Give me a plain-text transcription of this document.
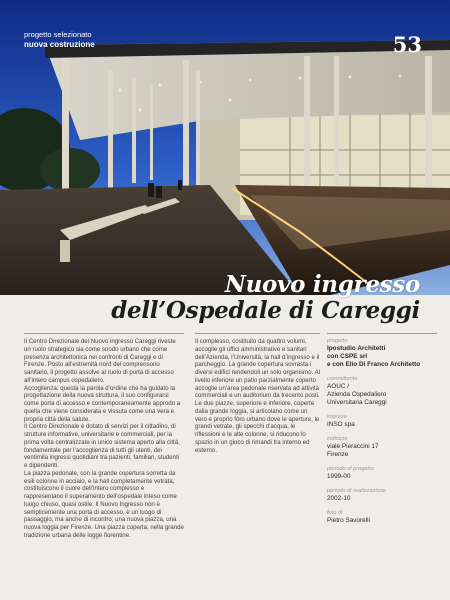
progetto selezionato
nuova costruzione	53
Nuovo ingresso
dell’Ospedale di Careggi

Il Centro Direzionale del Nuovo ingresso Careggi riveste un ruolo strategico sia come snodo urbano che come presenza architettonica nei confronti di Careggi e di Firenze. Posto all’estremità nord del comprensorio sanitario, il progetto assolve al ruolo di porta di accesso all’intero campus ospedaliero.

Accoglienza: questa la parola d’ordine che ha guidato la progettazione della nuova struttura, il suo configurarsi come porta di accesso e contemporaneamente approdo a quella che viene considerata e vissuta come una vera e propria città della salute.

Il Centro Direzionale è dotato di servizi per il cittadino, di strutture informative, universitarie e commerciali, per la prima volta centralizzate in unico sistema aperto alla città, fondamentale per l’accoglienza di tutti gli utenti, dei ventimila ingressi quotidiani tra pazienti, familiari, studenti e dipendenti.

La piazza pedonale, con la grande copertura sorretta da esili colonne in acciaio, e la hall completamente vetrata, costituiscono il cuore dell’intero complesso e rappresentano il superamento dell’ospedale inteso come luogo chiuso, quasi ostile. Il Nuovo Ingresso non è semplicemente una porta di accesso, è un luogo di passaggio, ma anche di incontro; una nuova piazza, una nuova loggia per Firenze. Una piazza coperta, nella grande tradizione urbana delle logge fiorentine.

Il complesso, costituito da quattro volumi, accoglie gli uffici amministrative e sanitari dell’Azienda, l’Università, la hall d’ingresso e il parcheggio. La grande copertura sovrasta i diversi edifici rendendoli un solo organismo. Al livello inferiore un patio parzialmente coperto accoglie un’area pedonale riservata ad attività commerciali e un auditorium da trecento posti. Le due piazze, superiore e inferiore, coperte dalla grande loggia, si articolano come un vero e proprio fòro urbano dove le aperture, le grandi vetrate, gli specchi d’acqua, le riflessioni e le alte colonne, si riducono lo spazio in un gioco di rimandi tra interno ed esterno.

progetto
Ipostudio Architetti
con CSPE srl
e con Elio Di Franco Architetto
committente
AOUC /
Azienda Ospedaliero
Universitaria Careggi
impresa
INSO spa
indirizzo
viale Pieraccini 17
Firenze
periodo di progetto
1999-00
periodo di realizzazione
2002-10
foto di
Pietro Savorelli
